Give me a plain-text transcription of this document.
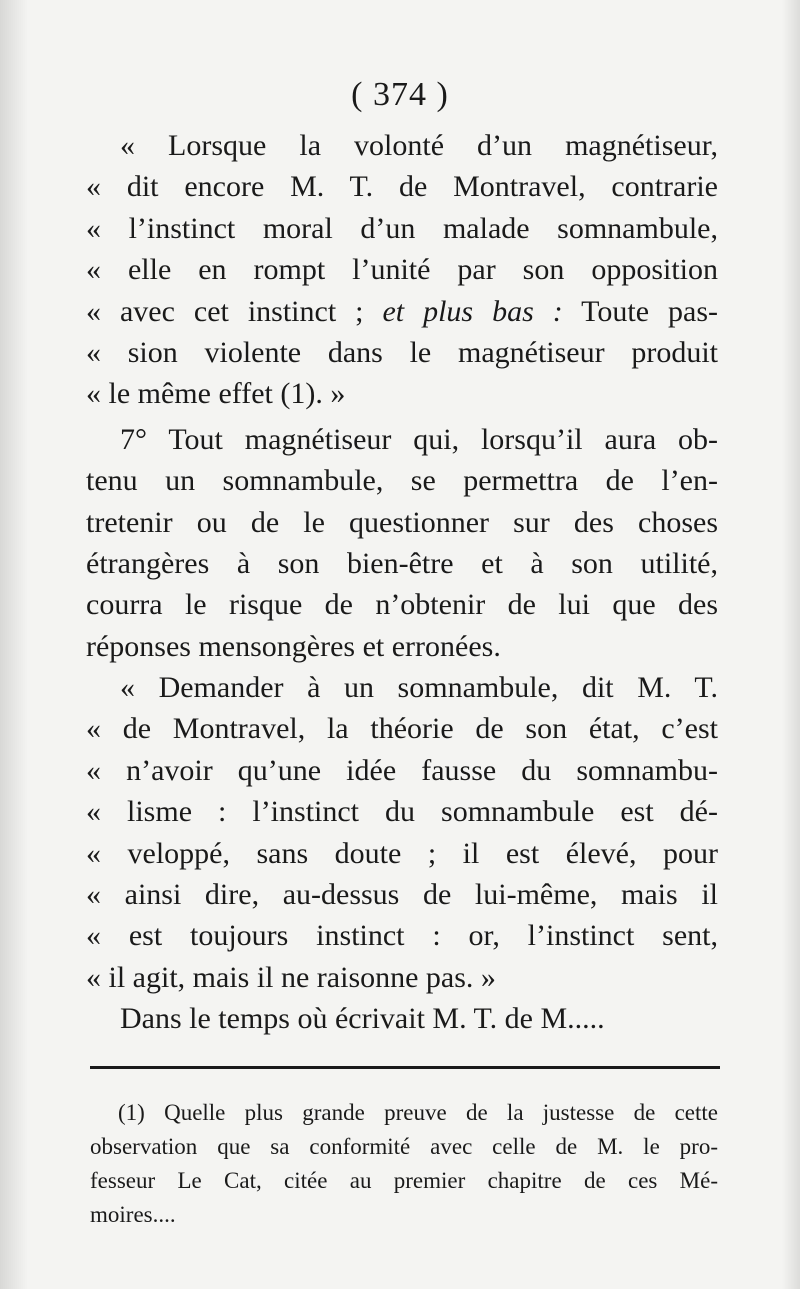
( 374 )
« Lorsque la volonté d’un magnétiseur,
« dit encore M. T. de Montravel, contrarie
« l’instinct moral d’un malade somnambule,
« elle en rompt l’unité par son opposition
« avec cet instinct ; et plus bas : Toute pas-
« sion violente dans le magnétiseur produit
« le même effet (1). »
7° Tout magnétiseur qui, lorsqu’il aura ob-
tenu un somnambule, se permettra de l’en-
tretenir ou de le questionner sur des choses
étrangères à son bien-être et à son utilité,
courra le risque de n’obtenir de lui que des
réponses mensongères et erronées.
« Demander à un somnambule, dit M. T.
« de Montravel, la théorie de son état, c’est
« n’avoir qu’une idée fausse du somnambu-
« lisme : l’instinct du somnambule est dé-
« veloppé, sans doute ; il est élevé, pour
« ainsi dire, au-dessus de lui-même, mais il
« est toujours instinct : or, l’instinct sent,
« il agit, mais il ne raisonne pas. »
Dans le temps où écrivait M. T. de M.....
(1) Quelle plus grande preuve de la justesse de cette
observation que sa conformité avec celle de M. le pro-
fesseur Le Cat, citée au premier chapitre de ces Mé-
moires....
